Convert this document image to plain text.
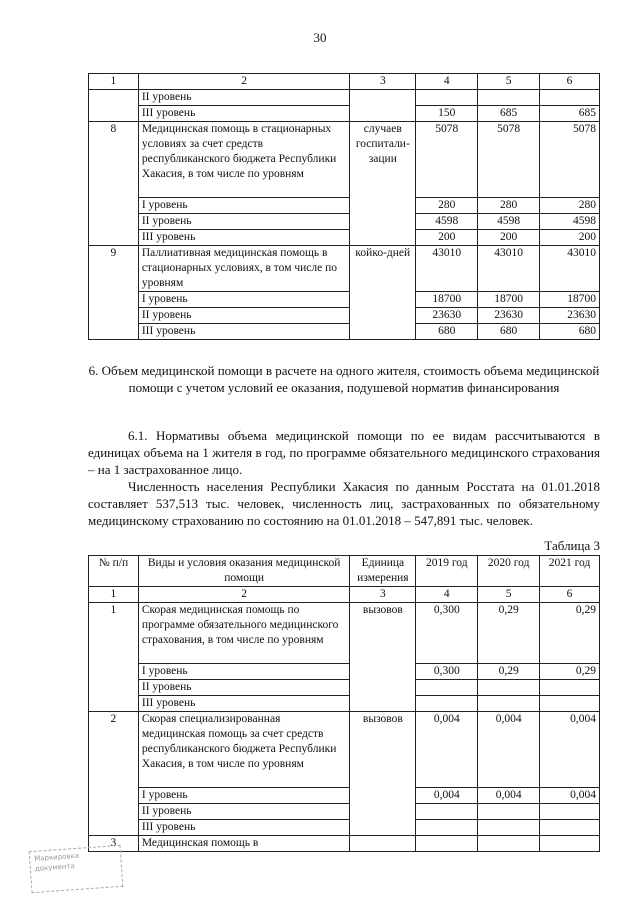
30
1	2	3	4	5	6
	II уровень				
	III уровень		150	685	685
8	Медицинская помощь в стационарных условиях за счет средств республиканского бюджета Республики Хакасия, в том числе по уровням	случаев госпитали-зации	5078	5078	5078
	I уровень		280	280	280
	II уровень		4598	4598	4598
	III уровень		200	200	200
9	Паллиативная медицинская помощь в стационарных условиях, в том числе по уровням	койко-дней	43010	43010	43010
	I уровень		18700	18700	18700
	II уровень		23630	23630	23630
	III уровень		680	680	680
6. Объем медицинской помощи в расчете на одного жителя, стоимость объема медицинской помощи с учетом условий ее оказания, подушевой норматив финансирования

6.1. Нормативы объема медицинской помощи по ее видам рассчитываются в единицах объема на 1 жителя в год, по программе обязательного медицинского страхования – на 1 застрахованное лицо.

Численность населения Республики Хакасия по данным Росстата на 01.01.2018 составляет 537,513 тыс. человек, численность лиц, застрахованных по обязательному медицинскому страхованию по состоянию на 01.01.2018 – 547,891 тыс. человек.

Таблица 3
№ п/п	Виды и условия оказания медицинской помощи	Единица измерения	2019 год	2020 год	2021 год
1	2	3	4	5	6
1	Скорая медицинская помощь по программе обязательного медицинского страхования, в том числе по уровням	вызовов	0,300	0,29	0,29
	I уровень		0,300	0,29	0,29
	II уровень				
	III уровень				
2	Скорая специализированная медицинская помощь за счет средств республиканского бюджета Республики Хакасия, в том числе по уровням	вызовов	0,004	0,004	0,004
	I уровень		0,004	0,004	0,004
	II уровень				
	III уровень				
3	Медицинская помощь в				
Маркировка документа
